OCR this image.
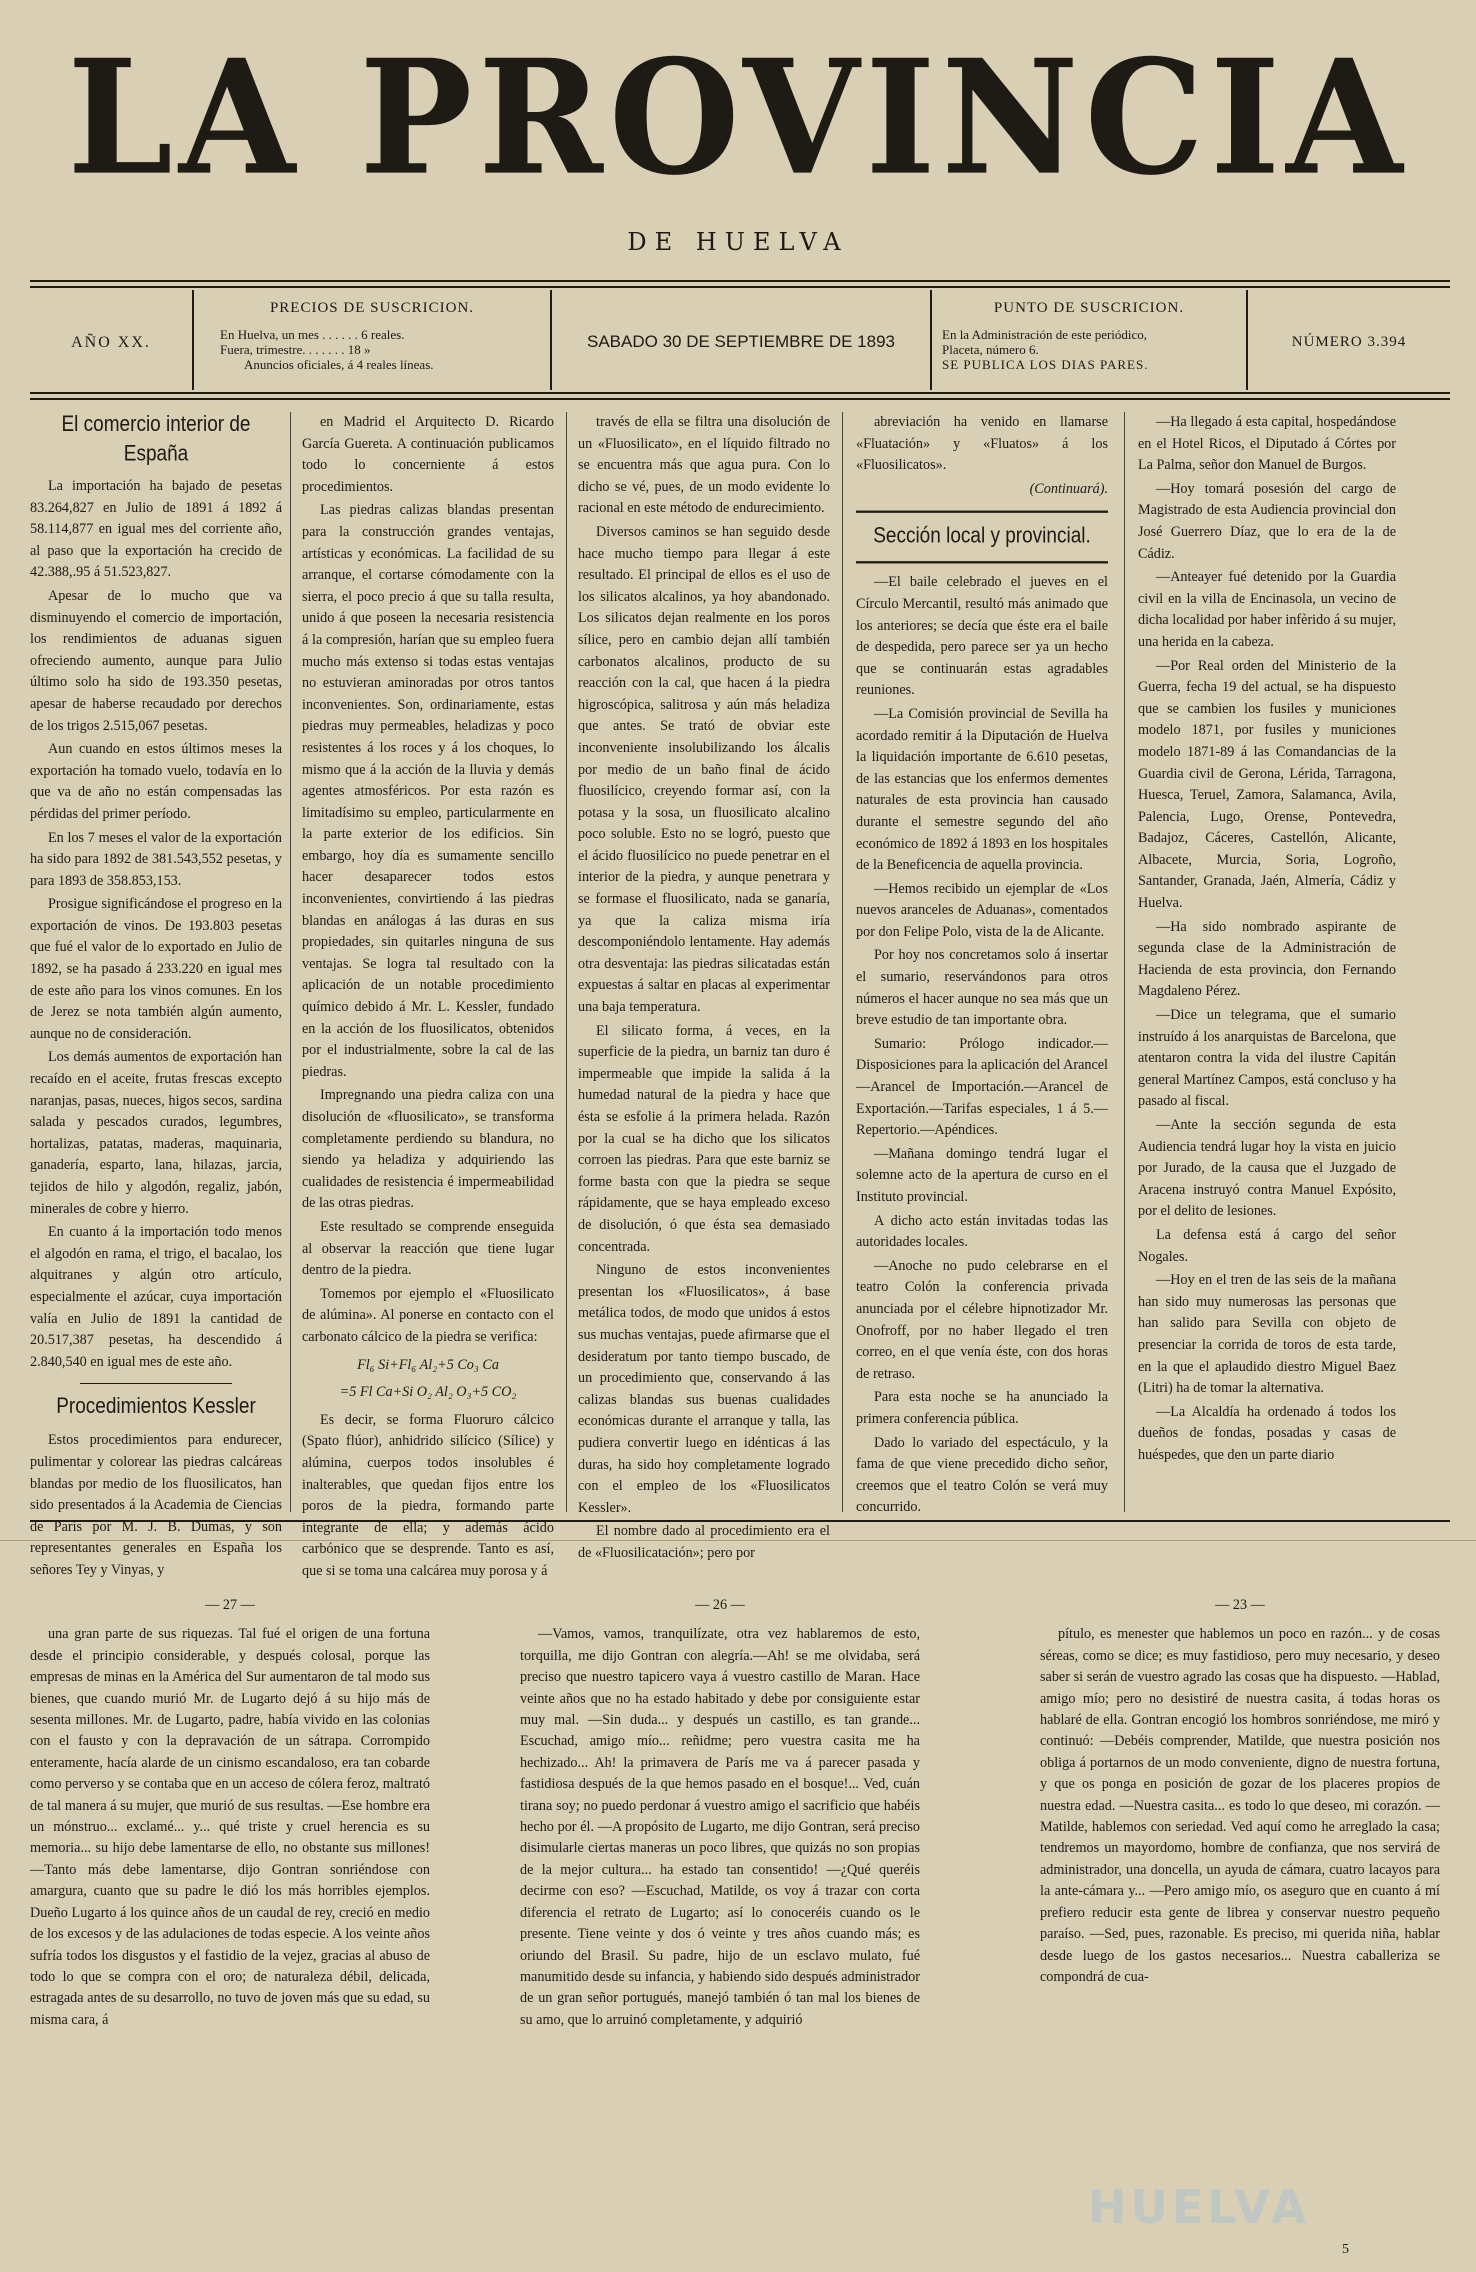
LA PROVINCIA
DE HUELVA
AÑO XX.
PRECIOS DE SUSCRICION.
En Huelva, un mes . . . . . . 6 reales.
Fuera, trimestre. . . . . . . 18 »
Anuncios oficiales, á 4 reales líneas.
SABADO 30 DE SEPTIEMBRE DE 1893
PUNTO DE SUSCRICION.
En la Administración de este periódico,
Placeta, número 6.
SE PUBLICA LOS DIAS PARES.
NÚMERO 3.394
El comercio interior de España

La importación ha bajado de pesetas 83.264,827 en Julio de 1891 á 1892 á 58.114,877 en igual mes del corriente año, al paso que la exportación ha crecido de 42.388,.95 á 51.523,827.

Apesar de lo mucho que va disminuyendo el comercio de importación, los rendimientos de aduanas siguen ofreciendo aumento, aunque para Julio último solo ha sido de 193.350 pesetas, apesar de haberse recaudado por derechos de los trigos 2.515,067 pesetas.

Aun cuando en estos últimos meses la exportación ha tomado vuelo, todavía en lo que va de año no están compensadas las pérdidas del primer período.

En los 7 meses el valor de la exportación ha sido para 1892 de 381.543,552 pesetas, y para 1893 de 358.853,153.

Prosigue significándose el progreso en la exportación de vinos. De 193.803 pesetas que fué el valor de lo exportado en Julio de 1892, se ha pasado á 233.220 en igual mes de este año para los vinos comunes. En los de Jerez se nota también algún aumento, aunque no de consideración.

Los demás aumentos de exportación han recaído en el aceite, frutas frescas excepto naranjas, pasas, nueces, higos secos, sardina salada y pescados curados, legumbres, hortalizas, patatas, maderas, maquinaria, ganadería, esparto, lana, hilazas, jarcia, tejidos de hilo y algodón, regaliz, jabón, minerales de cobre y hierro.

En cuanto á la importación todo menos el algodón en rama, el trigo, el bacalao, los alquitranes y algún otro artículo, especialmente el azúcar, cuya importación valía en Julio de 1891 la cantidad de 20.517,387 pesetas, ha descendido á 2.840,540 en igual mes de este año.

Procedimientos Kessler

Estos procedimientos para endurecer, pulimentar y colorear las piedras calcáreas blandas por medio de los fluosilicatos, han sido presentados á la Academia de Ciencias de París por M. J. B. Dumas, y son representantes generales en España los señores Tey y Vinyas, y

en Madrid el Arquitecto D. Ricardo García Guereta. A continuación publicamos todo lo concerniente á estos procedimientos.

Las piedras calizas blandas presentan para la construcción grandes ventajas, artísticas y económicas. La facilidad de su arranque, el cortarse cómodamente con la sierra, el poco precio á que su talla resulta, unido á que poseen la necesaria resistencia á la compresión, harían que su empleo fuera mucho más extenso si todas estas ventajas no estuvieran aminoradas por otros tantos inconvenientes. Son, ordinariamente, estas piedras muy permeables, heladizas y poco resistentes á los roces y á los choques, lo mismo que á la acción de la lluvia y demás agentes atmosféricos. Por esta razón es limitadísimo su empleo, particularmente en la parte exterior de los edificios. Sin embargo, hoy día es sumamente sencillo hacer desaparecer todos estos inconvenientes, convirtiendo á las piedras blandas en análogas á las duras en sus propiedades, sin quitarles ninguna de sus ventajas. Se logra tal resultado con la aplicación de un notable procedimiento químico debido á Mr. L. Kessler, fundado en la acción de los fluosilicatos, obtenidos por el industrialmente, sobre la cal de las piedras.

Impregnando una piedra caliza con una disolución de «fluosilicato», se transforma completamente perdiendo su blandura, no siendo ya heladiza y adquiriendo las cualidades de resistencia é impermeabilidad de las otras piedras.

Este resultado se comprende enseguida al observar la reacción que tiene lugar dentro de la piedra.

Tomemos por ejemplo el «Fluosilicato de alúmina». Al ponerse en contacto con el carbonato cálcico de la piedra se verifica:

Fl₆ Si+Fl₆ Al₂+5 Co₃ Ca

=5 Fl Ca+Si O₂ Al₂ O₃+5 CO₂

Es decir, se forma Fluoruro cálcico (Spato flúor), anhidrido silícico (Sílice) y alúmina, cuerpos todos insolubles é inalterables, que quedan fijos entre los poros de la piedra, formando parte integrante de ella; y además ácido carbónico que se desprende. Tanto es así, que si se toma una calcárea muy porosa y á

través de ella se filtra una disolución de un «Fluosilicato», en el líquido filtrado no se encuentra más que agua pura. Con lo dicho se vé, pues, de un modo evidente lo racional en este método de endurecimiento.

Diversos caminos se han seguido desde hace mucho tiempo para llegar á este resultado. El principal de ellos es el uso de los silicatos alcalinos, ya hoy abandonado. Los silicatos dejan realmente en los poros sílice, pero en cambio dejan allí también carbonatos alcalinos, producto de su reacción con la cal, que hacen á la piedra higroscópica, salitrosa y aún más heladiza que antes. Se trató de obviar este inconveniente insolubilizando los álcalis por medio de un baño final de ácido fluosilícico, creyendo formar así, con la potasa y la sosa, un fluosilicato alcalino poco soluble. Esto no se logró, puesto que el ácido fluosilícico no puede penetrar en el interior de la piedra, y aunque penetrara y se formase el fluosilicato, nada se ganaría, ya que la caliza misma iría descomponiéndolo lentamente. Hay además otra desventaja: las piedras silicatadas están expuestas á saltar en placas al experimentar una baja temperatura.

El silicato forma, á veces, en la superficie de la piedra, un barniz tan duro é impermeable que impide la salida á la humedad natural de la piedra y hace que ésta se esfolie á la primera helada. Razón por la cual se ha dicho que los silicatos corroen las piedras. Para que este barniz se forme basta con que la piedra se seque rápidamente, que se haya empleado exceso de disolución, ó que ésta sea demasiado concentrada.

Ninguno de estos inconvenientes presentan los «Fluosilicatos», á base metálica todos, de modo que unidos á estos sus muchas ventajas, puede afirmarse que el desideratum por tanto tiempo buscado, de un procedimiento que, conservando á las calizas blandas sus buenas cualidades económicas durante el arranque y talla, las pudiera convertir luego en idénticas á las duras, ha sido hoy completamente logrado con el empleo de los «Fluosilicatos Kessler».

El nombre dado al procedimiento era el de «Fluosilicatación»; pero por

abreviación ha venido en llamarse «Fluatación» y «Fluatos» á los «Fluosilicatos».

(Continuará).

Sección local y provincial.

—El baile celebrado el jueves en el Círculo Mercantil, resultó más animado que los anteriores; se decía que éste era el baile de despedida, pero parece ser ya un hecho que se continuarán estas agradables reuniones.

—La Comisión provincial de Sevilla ha acordado remitir á la Diputación de Huelva la liquidación importante de 6.610 pesetas, de las estancias que los enfermos dementes naturales de esta provincia han causado durante el semestre segundo del año económico de 1892 á 1893 en los hospitales de la Beneficencia de aquella provincia.

—Hemos recibido un ejemplar de «Los nuevos aranceles de Aduanas», comentados por don Felipe Polo, vista de la de Alicante.

Por hoy nos concretamos solo á insertar el sumario, reservándonos para otros números el hacer aunque no sea más que un breve estudio de tan importante obra.

Sumario: Prólogo indicador.—Disposiciones para la aplicación del Arancel —Arancel de Importación.—Arancel de Exportación.—Tarifas especiales, 1 á 5.—Repertorio.—Apéndices.

—Mañana domingo tendrá lugar el solemne acto de la apertura de curso en el Instituto provincial.

A dicho acto están invitadas todas las autoridades locales.

—Anoche no pudo celebrarse en el teatro Colón la conferencia privada anunciada por el célebre hipnotizador Mr. Onofroff, por no haber llegado el tren correo, en el que venía éste, con dos horas de retraso.

Para esta noche se ha anunciado la primera conferencia pública.

Dado lo variado del espectáculo, y la fama de que viene precedido dicho señor, creemos que el teatro Colón se verá muy concurrido.

—Ha llegado á esta capital, hospedándose en el Hotel Ricos, el Diputado á Córtes por La Palma, señor don Manuel de Burgos.

—Hoy tomará posesión del cargo de Magistrado de esta Audiencia provincial don José Guerrero Díaz, que lo era de la de Cádiz.

—Anteayer fué detenido por la Guardia civil en la villa de Encinasola, un vecino de dicha localidad por haber infèrido á su mujer, una herida en la cabeza.

—Por Real orden del Ministerio de la Guerra, fecha 19 del actual, se ha dispuesto que se cambien los fusiles y municiones modelo 1871, por fusiles y municiones modelo 1871-89 á las Comandancias de la Guardia civil de Gerona, Lérida, Tarragona, Huesca, Teruel, Zamora, Salamanca, Avila, Palencia, Lugo, Orense, Pontevedra, Badajoz, Cáceres, Castellón, Alicante, Albacete, Murcia, Soria, Logroño, Santander, Granada, Jaén, Almería, Cádiz y Huelva.

—Ha sido nombrado aspirante de segunda clase de la Administración de Hacienda de esta provincia, don Fernando Magdaleno Pérez.

—Dice un telegrama, que el sumario instruído á los anarquistas de Barcelona, que atentaron contra la vida del ilustre Capitán general Martínez Campos, está concluso y ha pasado al fiscal.

—Ante la sección segunda de esta Audiencia tendrá lugar hoy la vista en juicio por Jurado, de la causa que el Juzgado de Aracena instruyó contra Manuel Expósito, por el delito de lesiones.

La defensa está á cargo del señor Nogales.

—Hoy en el tren de las seis de la mañana han sido muy numerosas las personas que han salido para Sevilla con objeto de presenciar la corrida de toros de esta tarde, en la que el aplaudido diestro Miguel Baez (Litri) ha de tomar la alternativa.

—La Alcaldía ha ordenado á todos los dueños de fondas, posadas y casas de huéspedes, que den un parte diario

— 27 —

una gran parte de sus riquezas. Tal fué el origen de una fortuna desde el principio considerable, y después colosal, porque las empresas de minas en la América del Sur aumentaron de tal modo sus bienes, que cuando murió Mr. de Lugarto dejó á su hijo más de sesenta millones. Mr. de Lugarto, padre, había vivido en las colonias con el fausto y con la depravación de un sátrapa. Corrompido enteramente, hacía alarde de un cinismo escandaloso, era tan cobarde como perverso y se contaba que en un acceso de cólera feroz, maltrató de tal manera á su mujer, que murió de sus resultas. —Ese hombre era un mónstruo... exclamé... y... qué triste y cruel herencia es su memoria... su hijo debe lamentarse de ello, no obstante sus millones! —Tanto más debe lamentarse, dijo Gontran sonriéndose con amargura, cuanto que su padre le dió los más horribles ejemplos. Dueño Lugarto á los quince años de un caudal de rey, creció en medio de los excesos y de las adulaciones de todas especie. A los veinte años sufría todos los disgustos y el fastidio de la vejez, gracias al abuso de todo lo que se compra con el oro; de naturaleza débil, delicada, estragada antes de su desarrollo, no tuvo de joven más que su edad, su misma cara, á

— 26 —

—Vamos, vamos, tranquilízate, otra vez hablaremos de esto, torquilla, me dijo Gontran con alegría.—Ah! se me olvidaba, será preciso que nuestro tapicero vaya á vuestro castillo de Maran. Hace veinte años que no ha estado habitado y debe por consiguiente estar muy mal. —Sin duda... y después un castillo, es tan grande... Escuchad, amigo mío... reñidme; pero vuestra casita me ha hechizado... Ah! la primavera de París me va á parecer pasada y fastidiosa después de la que hemos pasado en el bosque!... Ved, cuán tirana soy; no puedo perdonar á vuestro amigo el sacrificio que habéis hecho por él. —A propósito de Lugarto, me dijo Gontran, será preciso disimularle ciertas maneras un poco libres, que quizás no son propias de la mejor cultura... ha estado tan consentido! —¿Qué queréis decirme con eso? —Escuchad, Matilde, os voy á trazar con corta diferencia el retrato de Lugarto; así lo conoceréis cuando os le presente. Tiene veinte y dos ó veinte y tres años cuando más; es oriundo del Brasil. Su padre, hijo de un esclavo mulato, fué manumitido desde su infancia, y habiendo sido después administrador de un gran señor portugués, manejó también ó tan mal los bienes de su amo, que lo arruinó completamente, y adquirió

— 23 —

pítulo, es menester que hablemos un poco en razón... y de cosas séreas, como se dice; es muy fastidioso, pero muy necesario, y deseo saber si serán de vuestro agrado las cosas que ha dispuesto. —Hablad, amigo mío; pero no desistiré de nuestra casita, á todas horas os hablaré de ella. Gontran encogió los hombros sonriéndose, me miró y continuó: —Debéis comprender, Matilde, que nuestra posición nos obliga á portarnos de un modo conveniente, digno de nuestra fortuna, y que os ponga en posición de gozar de los placeres propios de nuestra edad. —Nuestra casita... es todo lo que deseo, mi corazón. —Matilde, hablemos con seriedad. Ved aquí como he arreglado la casa; tendremos un mayordomo, hombre de confianza, que nos servirá de administrador, una doncella, un ayuda de cámara, cuatro lacayos para la ante-cámara y... —Pero amigo mío, os aseguro que en cuanto á mí prefiero reducir esta gente de librea y conservar nuestro pequeño paraíso. —Sed, pues, razonable. Es preciso, mi querida niña, hablar desde luego de los gastos necesarios... Nuestra caballeriza se compondrá de cua-

HUELVA
5
